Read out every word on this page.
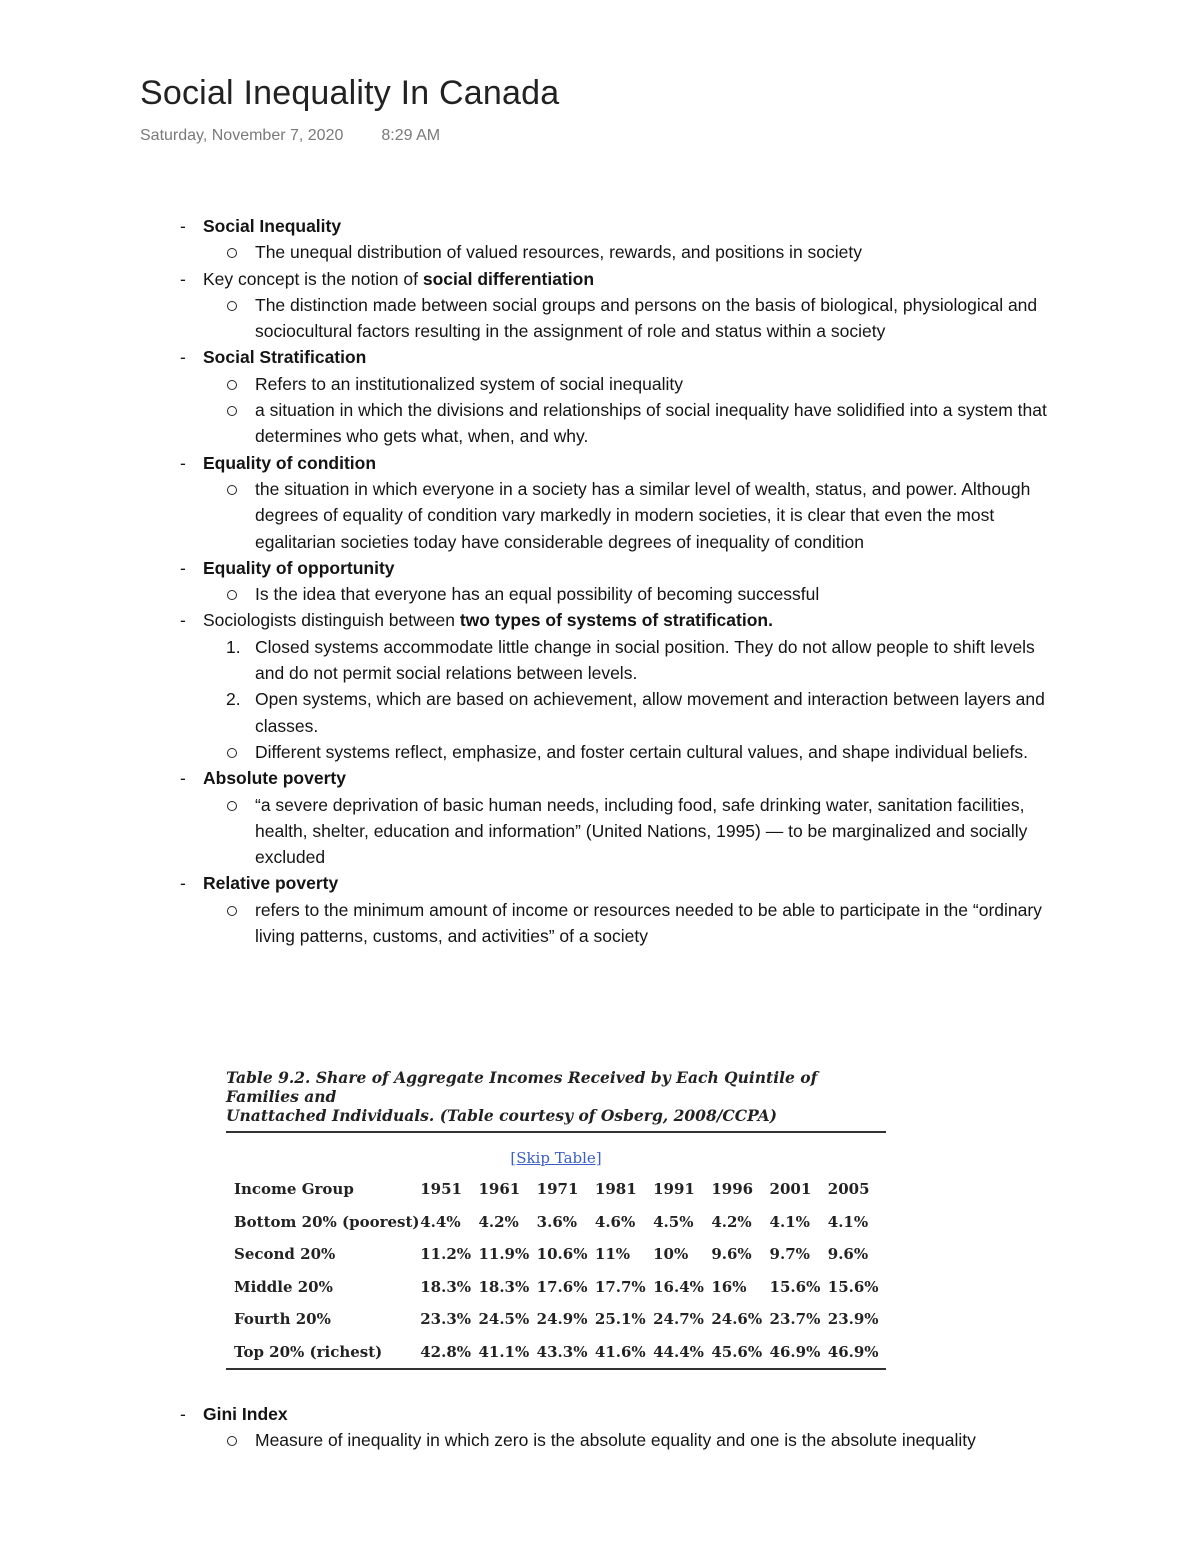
Social Inequality In Canada
Saturday, November 7, 2020 8:29 AM
- Social Inequality
The unequal distribution of valued resources, rewards, and positions in society
- Key concept is the notion of social differentiation
The distinction made between social groups and persons on the basis of biological, physiological and sociocultural factors resulting in the assignment of role and status within a society
- Social Stratification
Refers to an institutionalized system of social inequality
a situation in which the divisions and relationships of social inequality have solidified into a system that determines who gets what, when, and why.
- Equality of condition
the situation in which everyone in a society has a similar level of wealth, status, and power. Although degrees of equality of condition vary markedly in modern societies, it is clear that even the most egalitarian societies today have considerable degrees of inequality of condition
- Equality of opportunity
Is the idea that everyone has an equal possibility of becoming successful
- Sociologists distinguish between two types of systems of stratification.
1. Closed systems accommodate little change in social position. They do not allow people to shift levels and do not permit social relations between levels.
2. Open systems, which are based on achievement, allow movement and interaction between layers and classes.
Different systems reflect, emphasize, and foster certain cultural values, and shape individual beliefs.
- Absolute poverty
“a severe deprivation of basic human needs, including food, safe drinking water, sanitation facilities, health, shelter, education and information” (United Nations, 1995) — to be marginalized and socially excluded
- Relative poverty
refers to the minimum amount of income or resources needed to be able to participate in the “ordinary living patterns, customs, and activities” of a society
Table 9.2. Share of Aggregate Incomes Received by Each Quintile of Families and
Unattached Individuals. (Table courtesy of Osberg, 2008/CCPA)
[Skip Table]
Income Group	1951	1961	1971	1981	1991	1996	2001	2005
Bottom 20% (poorest)	4.4%	4.2%	3.6%	4.6%	4.5%	4.2%	4.1%	4.1%
Second 20%	11.2%	11.9%	10.6%	11%	10%	9.6%	9.7%	9.6%
Middle 20%	18.3%	18.3%	17.6%	17.7%	16.4%	16%	15.6%	15.6%
Fourth 20%	23.3%	24.5%	24.9%	25.1%	24.7%	24.6%	23.7%	23.9%
Top 20% (richest)	42.8%	41.1%	43.3%	41.6%	44.4%	45.6%	46.9%	46.9%
- Gini Index
Measure of inequality in which zero is the absolute equality and one is the absolute inequality
